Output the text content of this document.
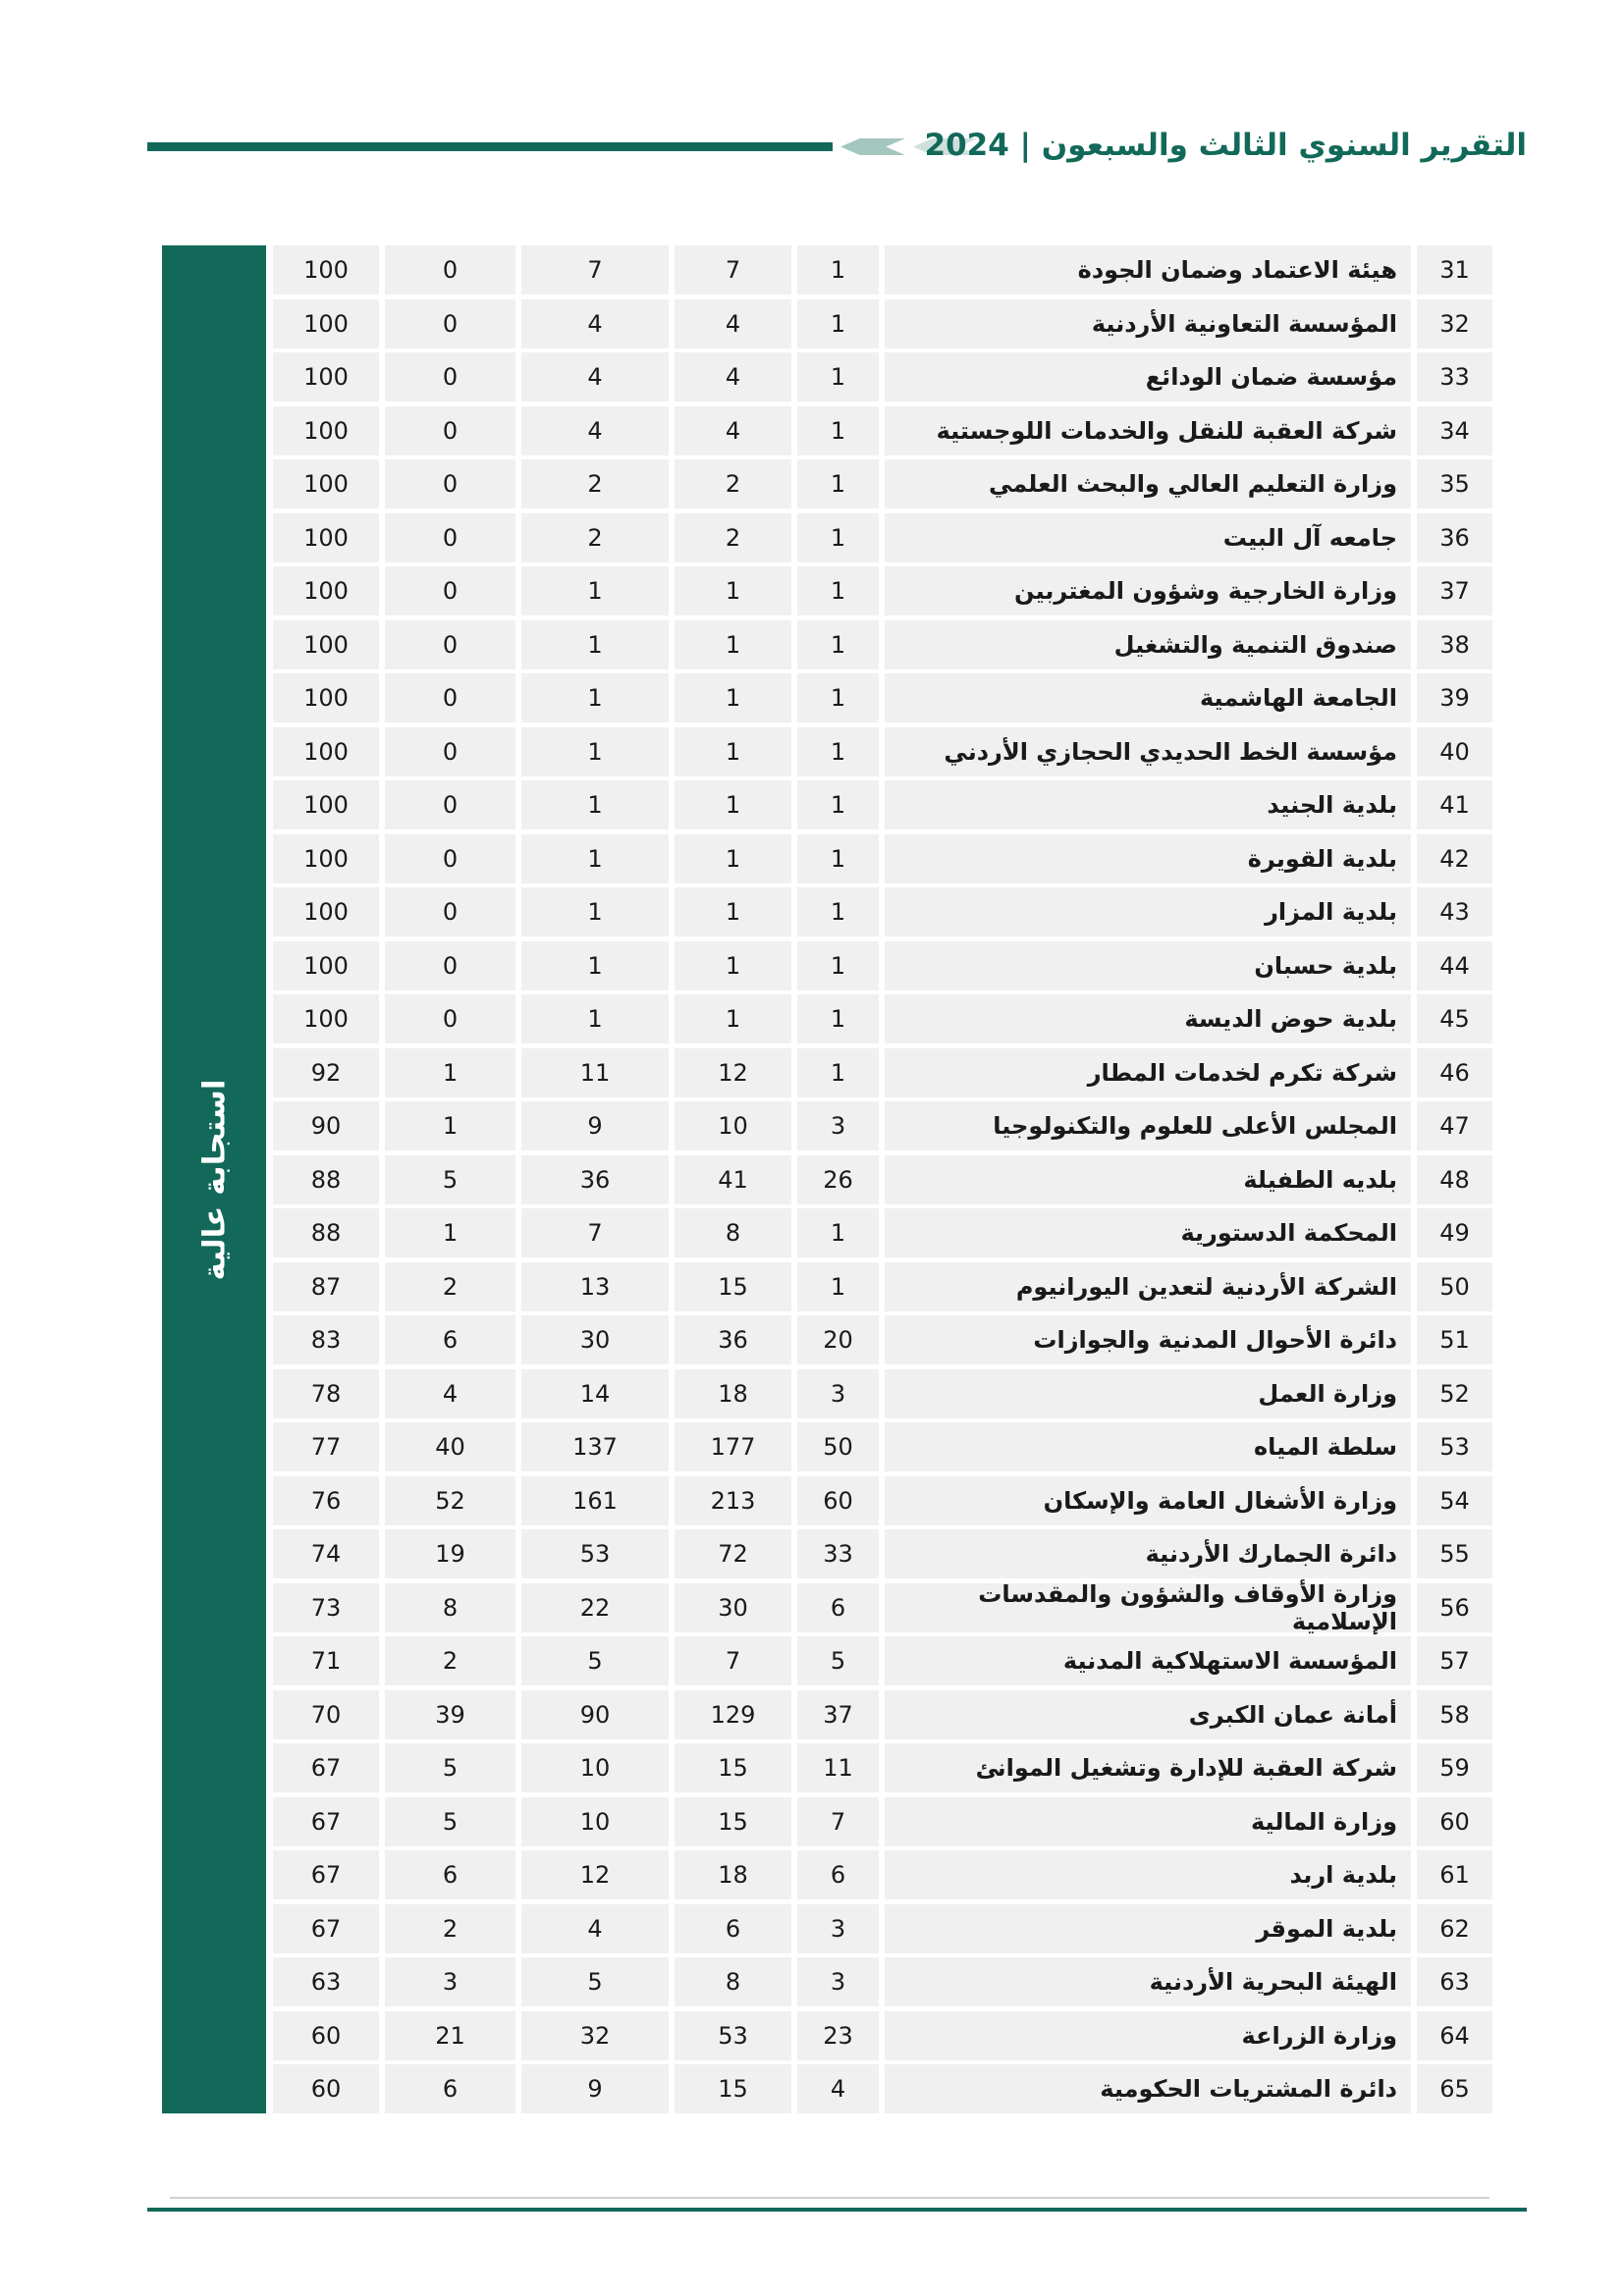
التقرير السنوي الثالث والسبعون | 2024
استجابة عالية
31
هيئة الاعتماد وضمان الجودة
1
7
7
0
100
32
المؤسسة التعاونية الأردنية
1
4
4
0
100
33
مؤسسة ضمان الودائع
1
4
4
0
100
34
شركة العقبة للنقل والخدمات اللوجستية
1
4
4
0
100
35
وزارة التعليم العالي والبحث العلمي
1
2
2
0
100
36
جامعه آل البيت
1
2
2
0
100
37
وزارة الخارجية وشؤون المغتربين
1
1
1
0
100
38
صندوق التنمية والتشغيل
1
1
1
0
100
39
الجامعة الهاشمية
1
1
1
0
100
40
مؤسسة الخط الحديدي الحجازي الأردني
1
1
1
0
100
41
بلدية الجنيد
1
1
1
0
100
42
بلدية القويرة
1
1
1
0
100
43
بلدية المزار
1
1
1
0
100
44
بلدية حسبان
1
1
1
0
100
45
بلدية حوض الديسة
1
1
1
0
100
46
شركة تكرم لخدمات المطار
1
12
11
1
92
47
المجلس الأعلى للعلوم والتكنولوجيا
3
10
9
1
90
48
بلديه الطفيلة
26
41
36
5
88
49
المحكمة الدستورية
1
8
7
1
88
50
الشركة الأردنية لتعدين اليورانيوم
1
15
13
2
87
51
دائرة الأحوال المدنية والجوازات
20
36
30
6
83
52
وزارة العمل
3
18
14
4
78
53
سلطة المياه
50
177
137
40
77
54
وزارة الأشغال العامة والإسكان
60
213
161
52
76
55
دائرة الجمارك الأردنية
33
72
53
19
74
56
وزارة الأوقاف والشؤون والمقدسات الإسلامية
6
30
22
8
73
57
المؤسسة الاستهلاكية المدنية
5
7
5
2
71
58
أمانة عمان الكبرى
37
129
90
39
70
59
شركة العقبة للإدارة وتشغيل الموانئ
11
15
10
5
67
60
وزارة المالية
7
15
10
5
67
61
بلدية اربد
6
18
12
6
67
62
بلدية الموقر
3
6
4
2
67
63
الهيئة البحرية الأردنية
3
8
5
3
63
64
وزارة الزراعة
23
53
32
21
60
65
دائرة المشتريات الحكومية
4
15
9
6
60
